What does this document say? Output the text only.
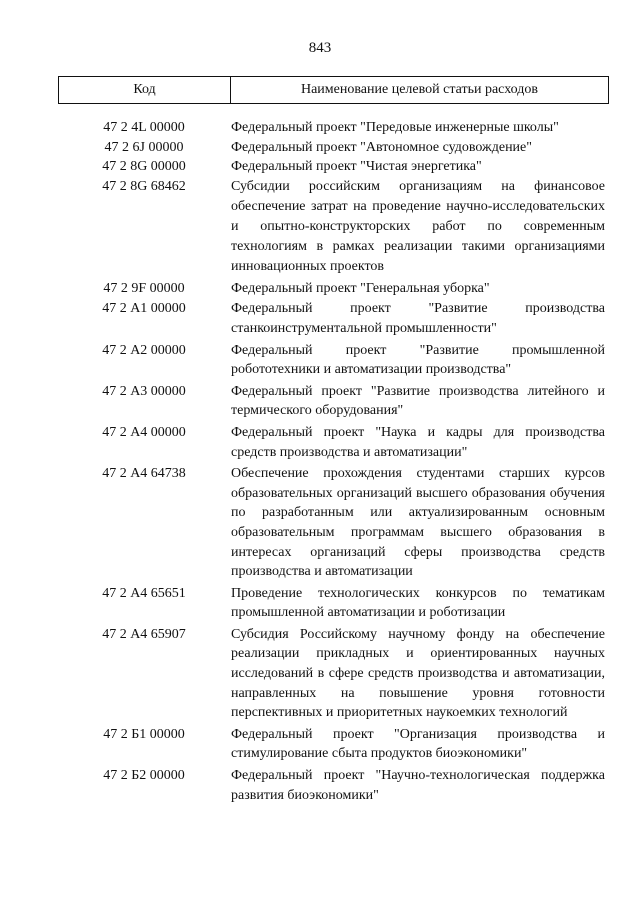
843
Код	Наименование целевой статьи расходов
47 2 4L 00000	Федеральный проект "Передовые инженерные школы"
47 2 6J 00000	Федеральный проект "Автономное судовождение"
47 2 8G 00000	Федеральный проект "Чистая энергетика"
47 2 8G 68462	Субсидии российским организациям на финансовое обеспечение затрат на проведение научно-исследовательских и опытно-конструкторских работ по современным технологиям в рамках реализации такими организациями инновационных проектов
47 2 9F 00000	Федеральный проект "Генеральная уборка"
47 2 А1 00000	Федеральный проект "Развитие производства станкоинструментальной промышленности"
47 2 А2 00000	Федеральный проект "Развитие промышленной робототехники и автоматизации производства"
47 2 А3 00000	Федеральный проект "Развитие производства литейного и термического оборудования"
47 2 А4 00000	Федеральный проект "Наука и кадры для производства средств производства и автоматизации"
47 2 А4 64738	Обеспечение прохождения студентами старших курсов образовательных организаций высшего образования обучения по разработанным или актуализированным основным образовательным программам высшего образования в интересах организаций сферы производства средств производства и автоматизации
47 2 А4 65651	Проведение технологических конкурсов по тематикам промышленной автоматизации и роботизации
47 2 А4 65907	Субсидия Российскому научному фонду на обеспечение реализации прикладных и ориентированных научных исследований в сфере средств производства и автоматизации, направленных на повышение уровня готовности перспективных и приоритетных наукоемких технологий
47 2 Б1 00000	Федеральный проект "Организация производства и стимулирование сбыта продуктов биоэкономики"
47 2 Б2 00000	Федеральный проект "Научно-технологическая поддержка развития биоэкономики"
